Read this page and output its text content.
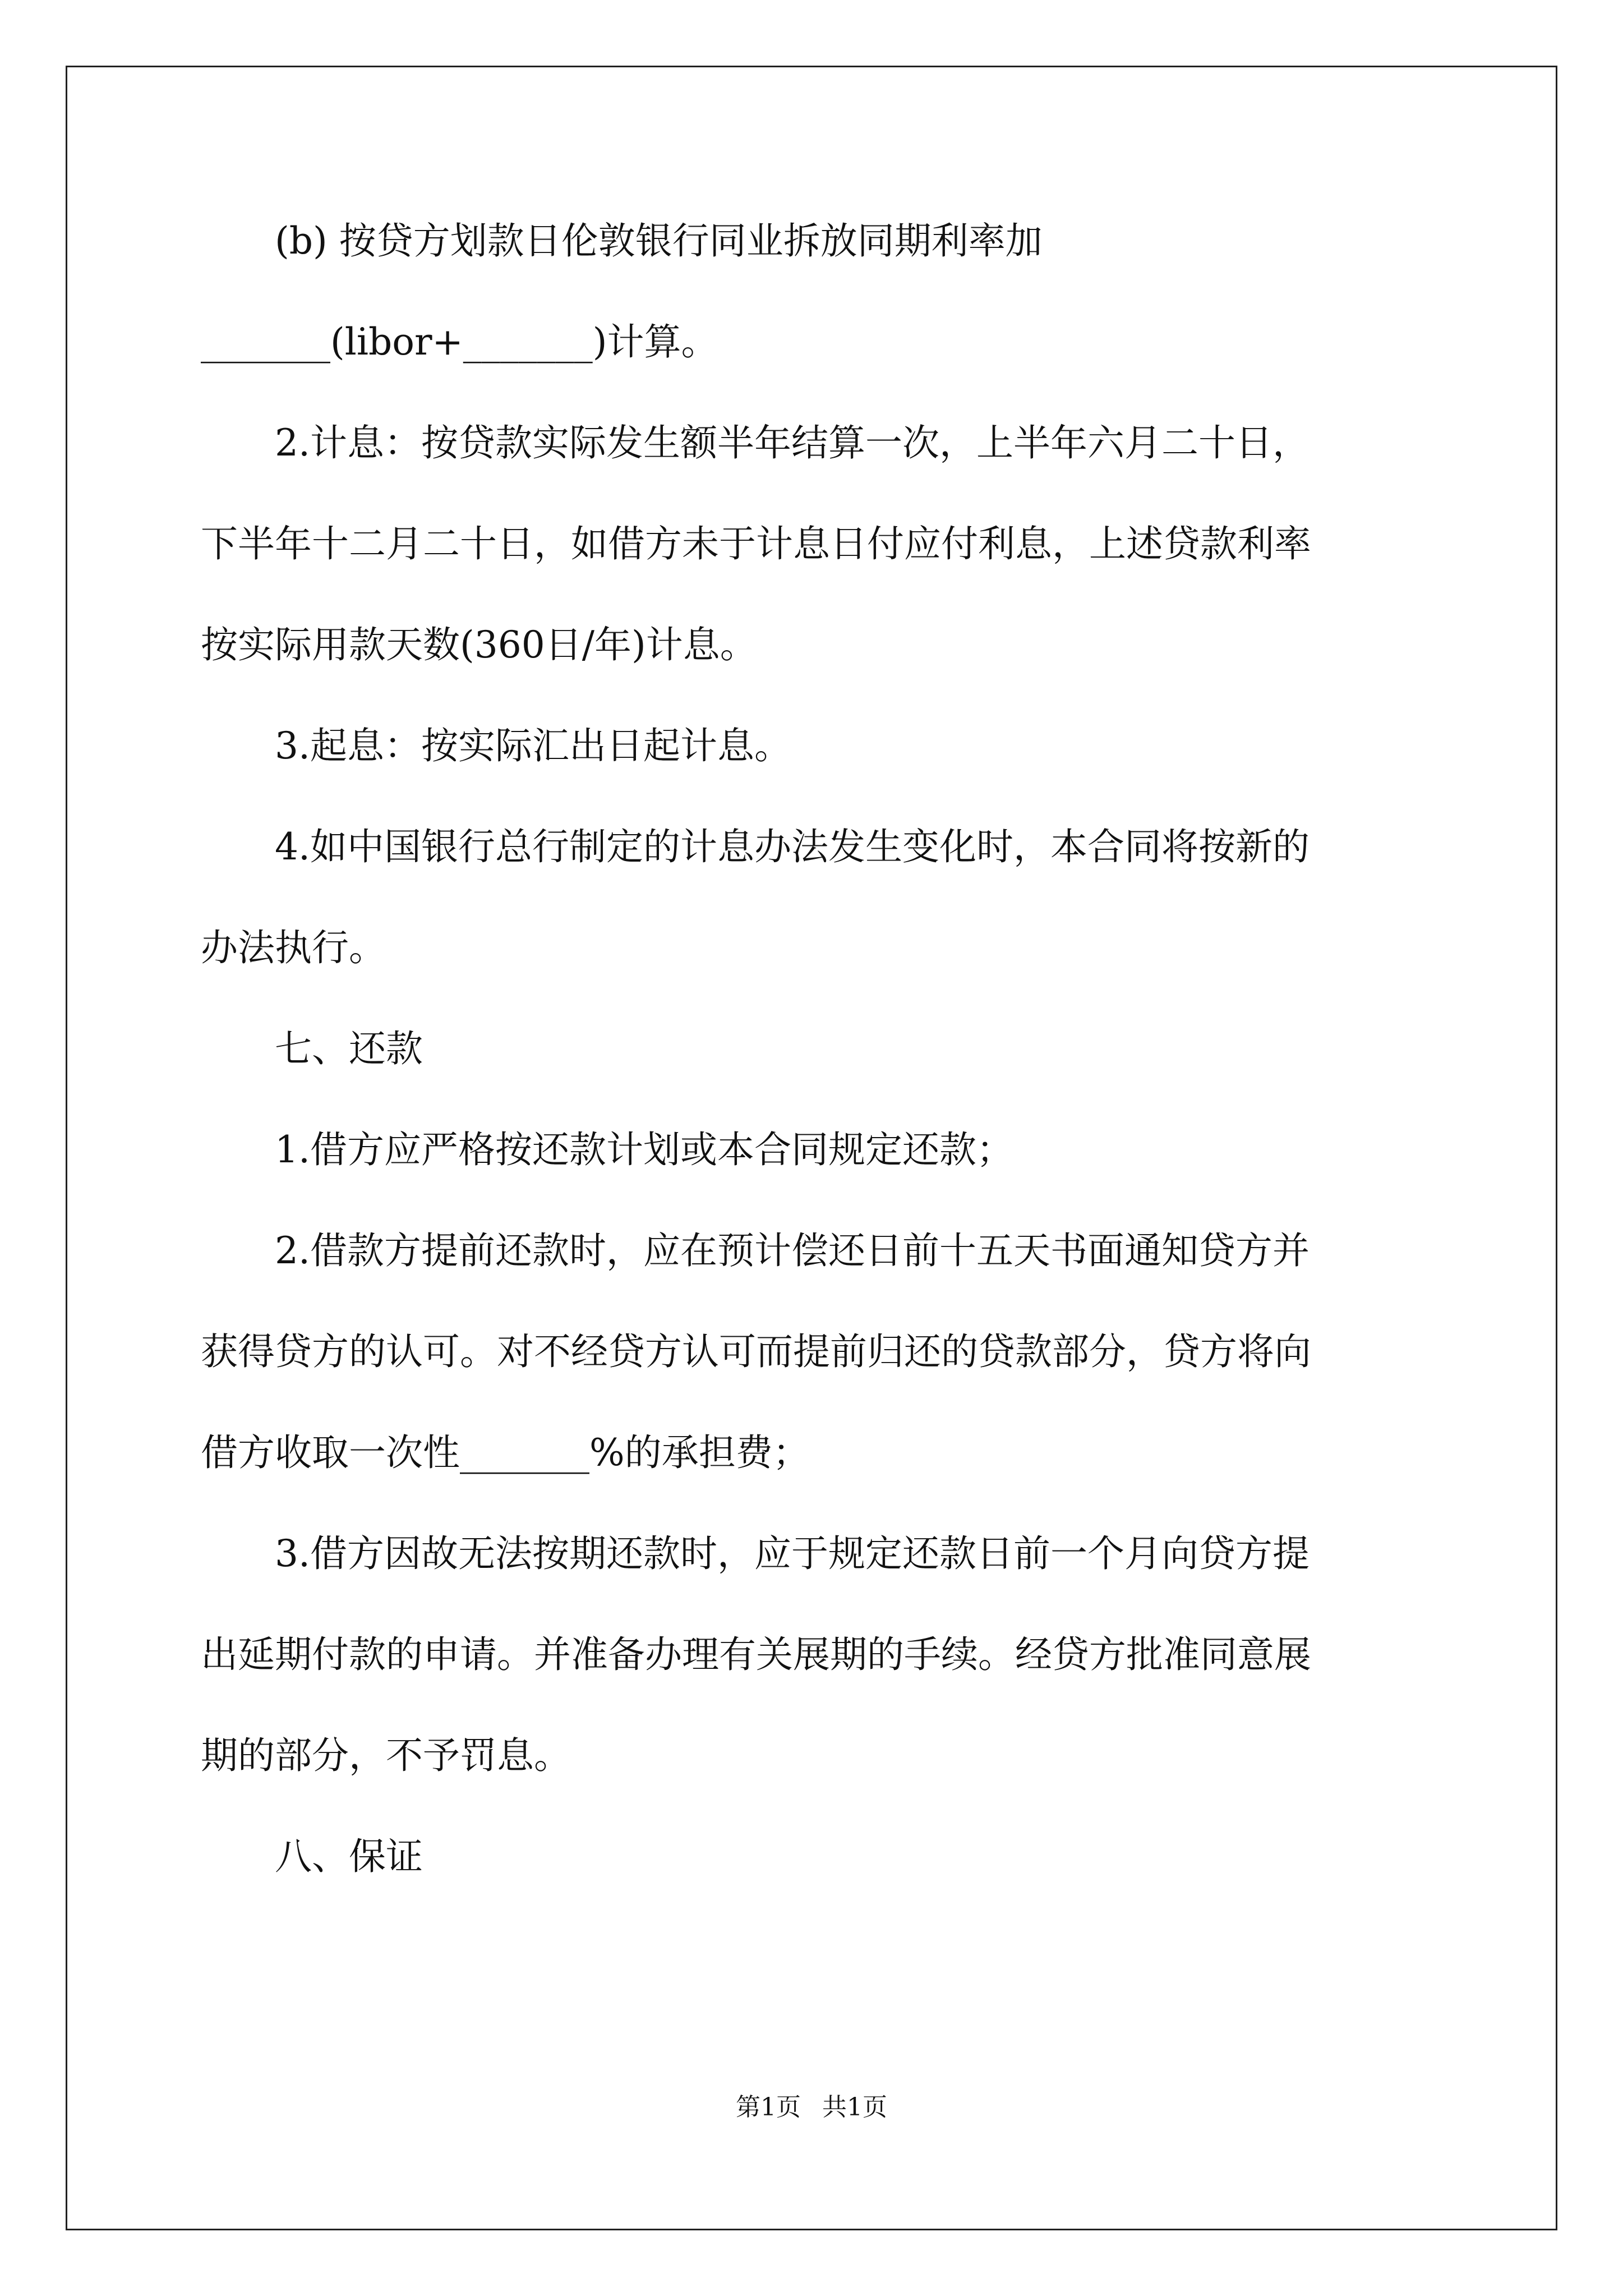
　　(b) 按贷方划款日伦敦银行同业拆放同期利率加
_______(libor+_______)计算。
　　2.计息：按贷款实际发生额半年结算一次，上半年六月二十日，
下半年十二月二十日，如借方未于计息日付应付利息，上述贷款利率
按实际用款天数(360日/年)计息。
　　3.起息：按实际汇出日起计息。
　　4.如中国银行总行制定的计息办法发生变化时，本合同将按新的
办法执行。
　　七、还款
　　1.借方应严格按还款计划或本合同规定还款；
　　2.借款方提前还款时，应在预计偿还日前十五天书面通知贷方并
获得贷方的认可。对不经贷方认可而提前归还的贷款部分，贷方将向
借方收取一次性_______%的承担费；
　　3.借方因故无法按期还款时，应于规定还款日前一个月向贷方提
出延期付款的申请。并准备办理有关展期的手续。经贷方批准同意展
期的部分，不予罚息。
　　八、保证
第1页 共1页
